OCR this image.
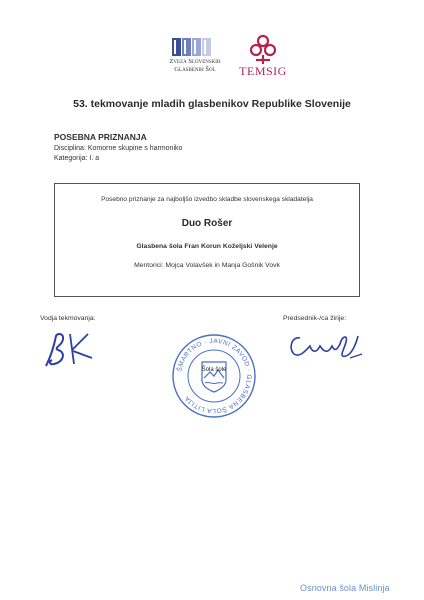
Zveza Slovenskih
Glasbenih Šol	TEMSIG
53. tekmovanje mladih glasbenikov Republike Slovenije
POSEBNA PRIZNANJA
Disciplina: Komorne skupine s harmoniko
Kategorija: I. a
Posebno priznanje za najboljšo izvedbo skladbe slovenskega skladatelja
Duo Rošer
Glasbena šola Fran Korun Koželjski Velenje
Mentorici: Mojca Volavšek in Manja Gošnik Vovk
Vodja tekmovanja:	Predsednik-/ca žirije:
ŠMARTNO · JAVNI ZAVOD · GLASBENA ŠOLA LITIJA
Šola šole
Osnovna šola Mislinja
